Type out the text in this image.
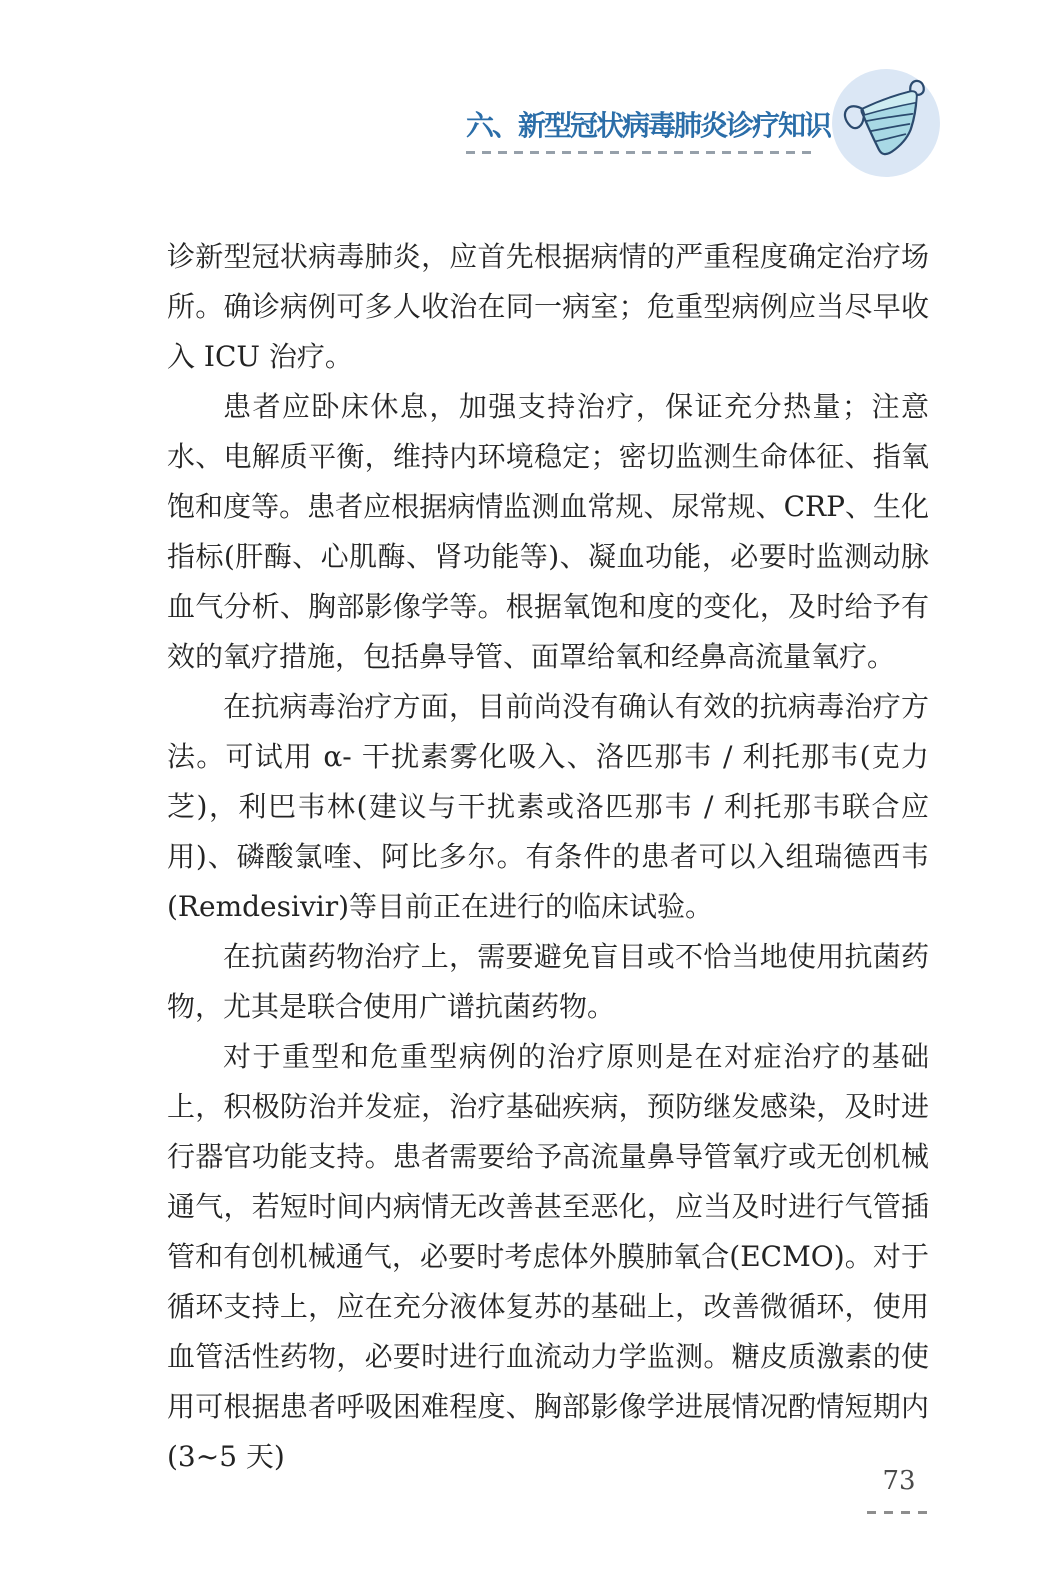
六、新型冠状病毒肺炎诊疗知识

诊新型冠状病毒肺炎，应首先根据病情的严重程度确定治疗场所。确诊病例可多人收治在同一病室；危重型病例应当尽早收入 ICU 治疗。

患者应卧床休息，加强支持治疗，保证充分热量；注意水、电解质平衡，维持内环境稳定；密切监测生命体征、指氧饱和度等。患者应根据病情监测血常规、尿常规、CRP、生化指标(肝酶、心肌酶、肾功能等)、凝血功能，必要时监测动脉血气分析、胸部影像学等。根据氧饱和度的变化，及时给予有效的氧疗措施，包括鼻导管、面罩给氧和经鼻高流量氧疗。

在抗病毒治疗方面，目前尚没有确认有效的抗病毒治疗方法。可试用 α- 干扰素雾化吸入、洛匹那韦 / 利托那韦(克力芝)，利巴韦林(建议与干扰素或洛匹那韦 / 利托那韦联合应用)、磷酸氯喹、阿比多尔。有条件的患者可以入组瑞德西韦(Remdesivir)等目前正在进行的临床试验。

在抗菌药物治疗上，需要避免盲目或不恰当地使用抗菌药物，尤其是联合使用广谱抗菌药物。

对于重型和危重型病例的治疗原则是在对症治疗的基础上，积极防治并发症，治疗基础疾病，预防继发感染，及时进行器官功能支持。患者需要给予高流量鼻导管氧疗或无创机械通气，若短时间内病情无改善甚至恶化，应当及时进行气管插管和有创机械通气，必要时考虑体外膜肺氧合(ECMO)。对于循环支持上，应在充分液体复苏的基础上，改善微循环，使用血管活性药物，必要时进行血流动力学监测。糖皮质激素的使用可根据患者呼吸困难程度、胸部影像学进展情况酌情短期内(3~5 天)

73
